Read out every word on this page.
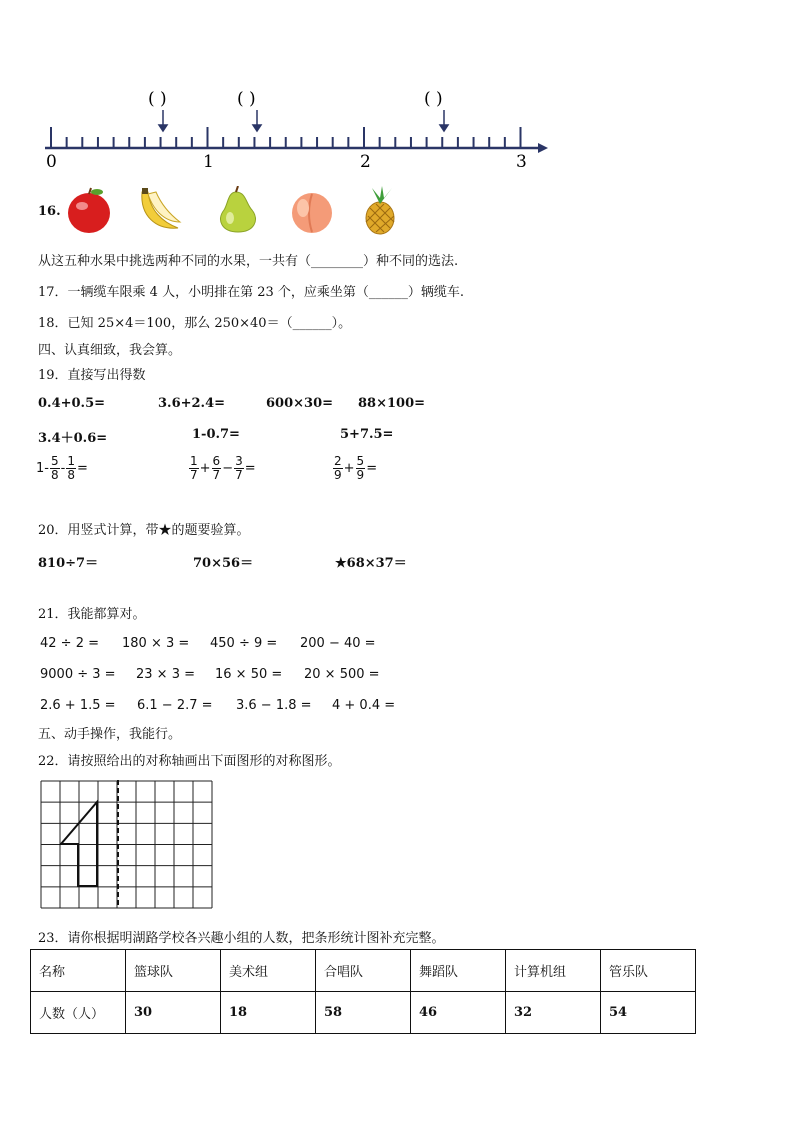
( )	( )	( )
0	1	2	3
16.
从这五种水果中挑选两种不同的水果，一共有（________）种不同的选法.
17．一辆缆车限乘 4 人，小明排在第 23 个，应乘坐第（______）辆缆车.
18．已知 25×4＝100，那么 250×40＝（______）。
四、认真细致，我会算。
19．直接写出得数
0.4+0.5=	3.6+2.4=	600×30= 88×100=
3.4＋0.6=	1-0.7=	5+7.5=
$1- \frac{5}{8} - \frac{1}{8}$ =	$\frac{1}{7} + \frac{6}{7} - \frac{3}{7}$ =	$\frac{2}{9} + \frac{5}{9}$ =
20．用竖式计算，带★的题要验算。
810÷7＝	70×56＝	★68×37＝
21．我能都算对。
42 ÷ 2 = 180 × 3 = 450 ÷ 9 = 200 − 40 =
9000 ÷ 3 = 23 × 3 = 16 × 50 = 20 × 500 =
2.6 + 1.5 = 6.1 − 2.7 = 3.6 − 1.8 = 4 + 0.4 =
五、动手操作，我能行。
22．请按照给出的对称轴画出下面图形的对称图形。
23．请你根据明湖路学校各兴趣小组的人数，把条形统计图补充完整。
名称	篮球队	美术组	合唱队	舞蹈队	计算机组	管乐队
人数（人）	30	18	58	46	32	54
